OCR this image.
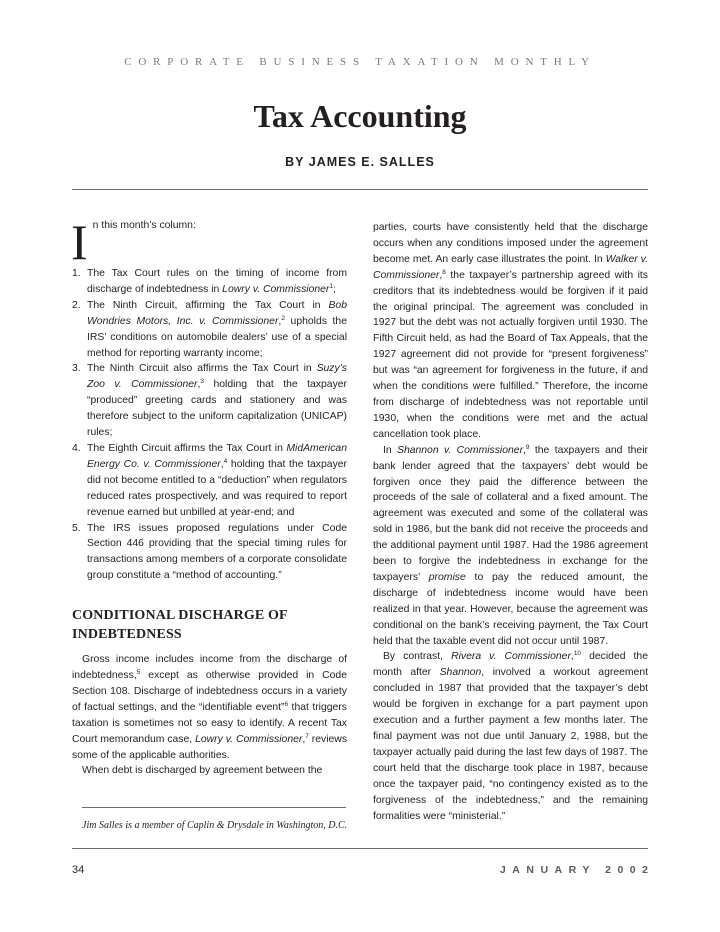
CORPORATE BUSINESS TAXATION MONTHLY
Tax Accounting
BY JAMES E. SALLES
I n this month’s column:
1. The Tax Court rules on the timing of income from discharge of indebtedness in Lowry v. Commissioner$^1$;
2. The Ninth Circuit, affirming the Tax Court in Bob Wondries Motors, Inc. v. Commissioner,$^2$ upholds the IRS’ conditions on automobile dealers’ use of a special method for reporting warranty income;
3. The Ninth Circuit also affirms the Tax Court in Suzy’s Zoo v. Commissioner,$^3$ holding that the taxpayer “produced” greeting cards and stationery and was therefore subject to the uniform capitalization (UNICAP) rules;
4. The Eighth Circuit affirms the Tax Court in MidAmerican Energy Co. v. Commissioner,$^4$ holding that the taxpayer did not become entitled to a “deduction” when regulators reduced rates prospectively, and was required to report revenue earned but unbilled at year-end; and
5. The IRS issues proposed regulations under Code Section 446 providing that the special timing rules for transactions among members of a corporate consolidate group constitute a “method of accounting.”
CONDITIONAL DISCHARGE OF INDEBTEDNESS

Gross income includes income from the discharge of indebtedness,$^5$ except as otherwise provided in Code Section 108. Discharge of indebtedness occurs in a variety of factual settings, and the “identifiable event”$^6$ that triggers taxation is sometimes not so easy to identify. A recent Tax Court memorandum case, Lowry v. Commissioner,$^7$ reviews some of the applicable authorities.

When debt is discharged by agreement between the

parties, courts have consistently held that the discharge occurs when any conditions imposed under the agreement become met. An early case illustrates the point. In Walker v. Commissioner,$^8$ the taxpayer’s partnership agreed with its creditors that its indebtedness would be forgiven if it paid the original principal. The agreement was concluded in 1927 but the debt was not actually forgiven until 1930. The Fifth Circuit held, as had the Board of Tax Appeals, that the 1927 agreement did not provide for “present forgiveness” but was “an agreement for forgiveness in the future, if and when the conditions were fulfilled.” Therefore, the income from discharge of indebtedness was not reportable until 1930, when the conditions were met and the actual cancellation took place.

In Shannon v. Commissioner,$^9$ the taxpayers and their bank lender agreed that the taxpayers’ debt would be forgiven once they paid the difference between the proceeds of the sale of collateral and a fixed amount. The agreement was executed and some of the collateral was sold in 1986, but the bank did not receive the proceeds and the additional payment until 1987. Had the 1986 agreement been to forgive the indebtedness in exchange for the taxpayers’ promise to pay the reduced amount, the discharge of indebtedness income would have been realized in that year. However, because the agreement was conditional on the bank’s receiving payment, the Tax Court held that the taxable event did not occur until 1987.

By contrast, Rivera v. Commissioner,$^{10}$ decided the month after Shannon, involved a workout agreement concluded in 1987 that provided that the taxpayer’s debt would be forgiven in exchange for a part payment upon execution and a further payment a few months later. The final payment was not due until January 2, 1988, but the taxpayer actually paid during the last few days of 1987. The court held that the discharge took place in 1987, because once the taxpayer paid, “no contingency existed as to the forgiveness of the indebtedness,” and the remaining formalities were “ministerial.”

Jim Salles is a member of Caplin & Drysdale in Washington, D.C.
34	JANUARY 2002
